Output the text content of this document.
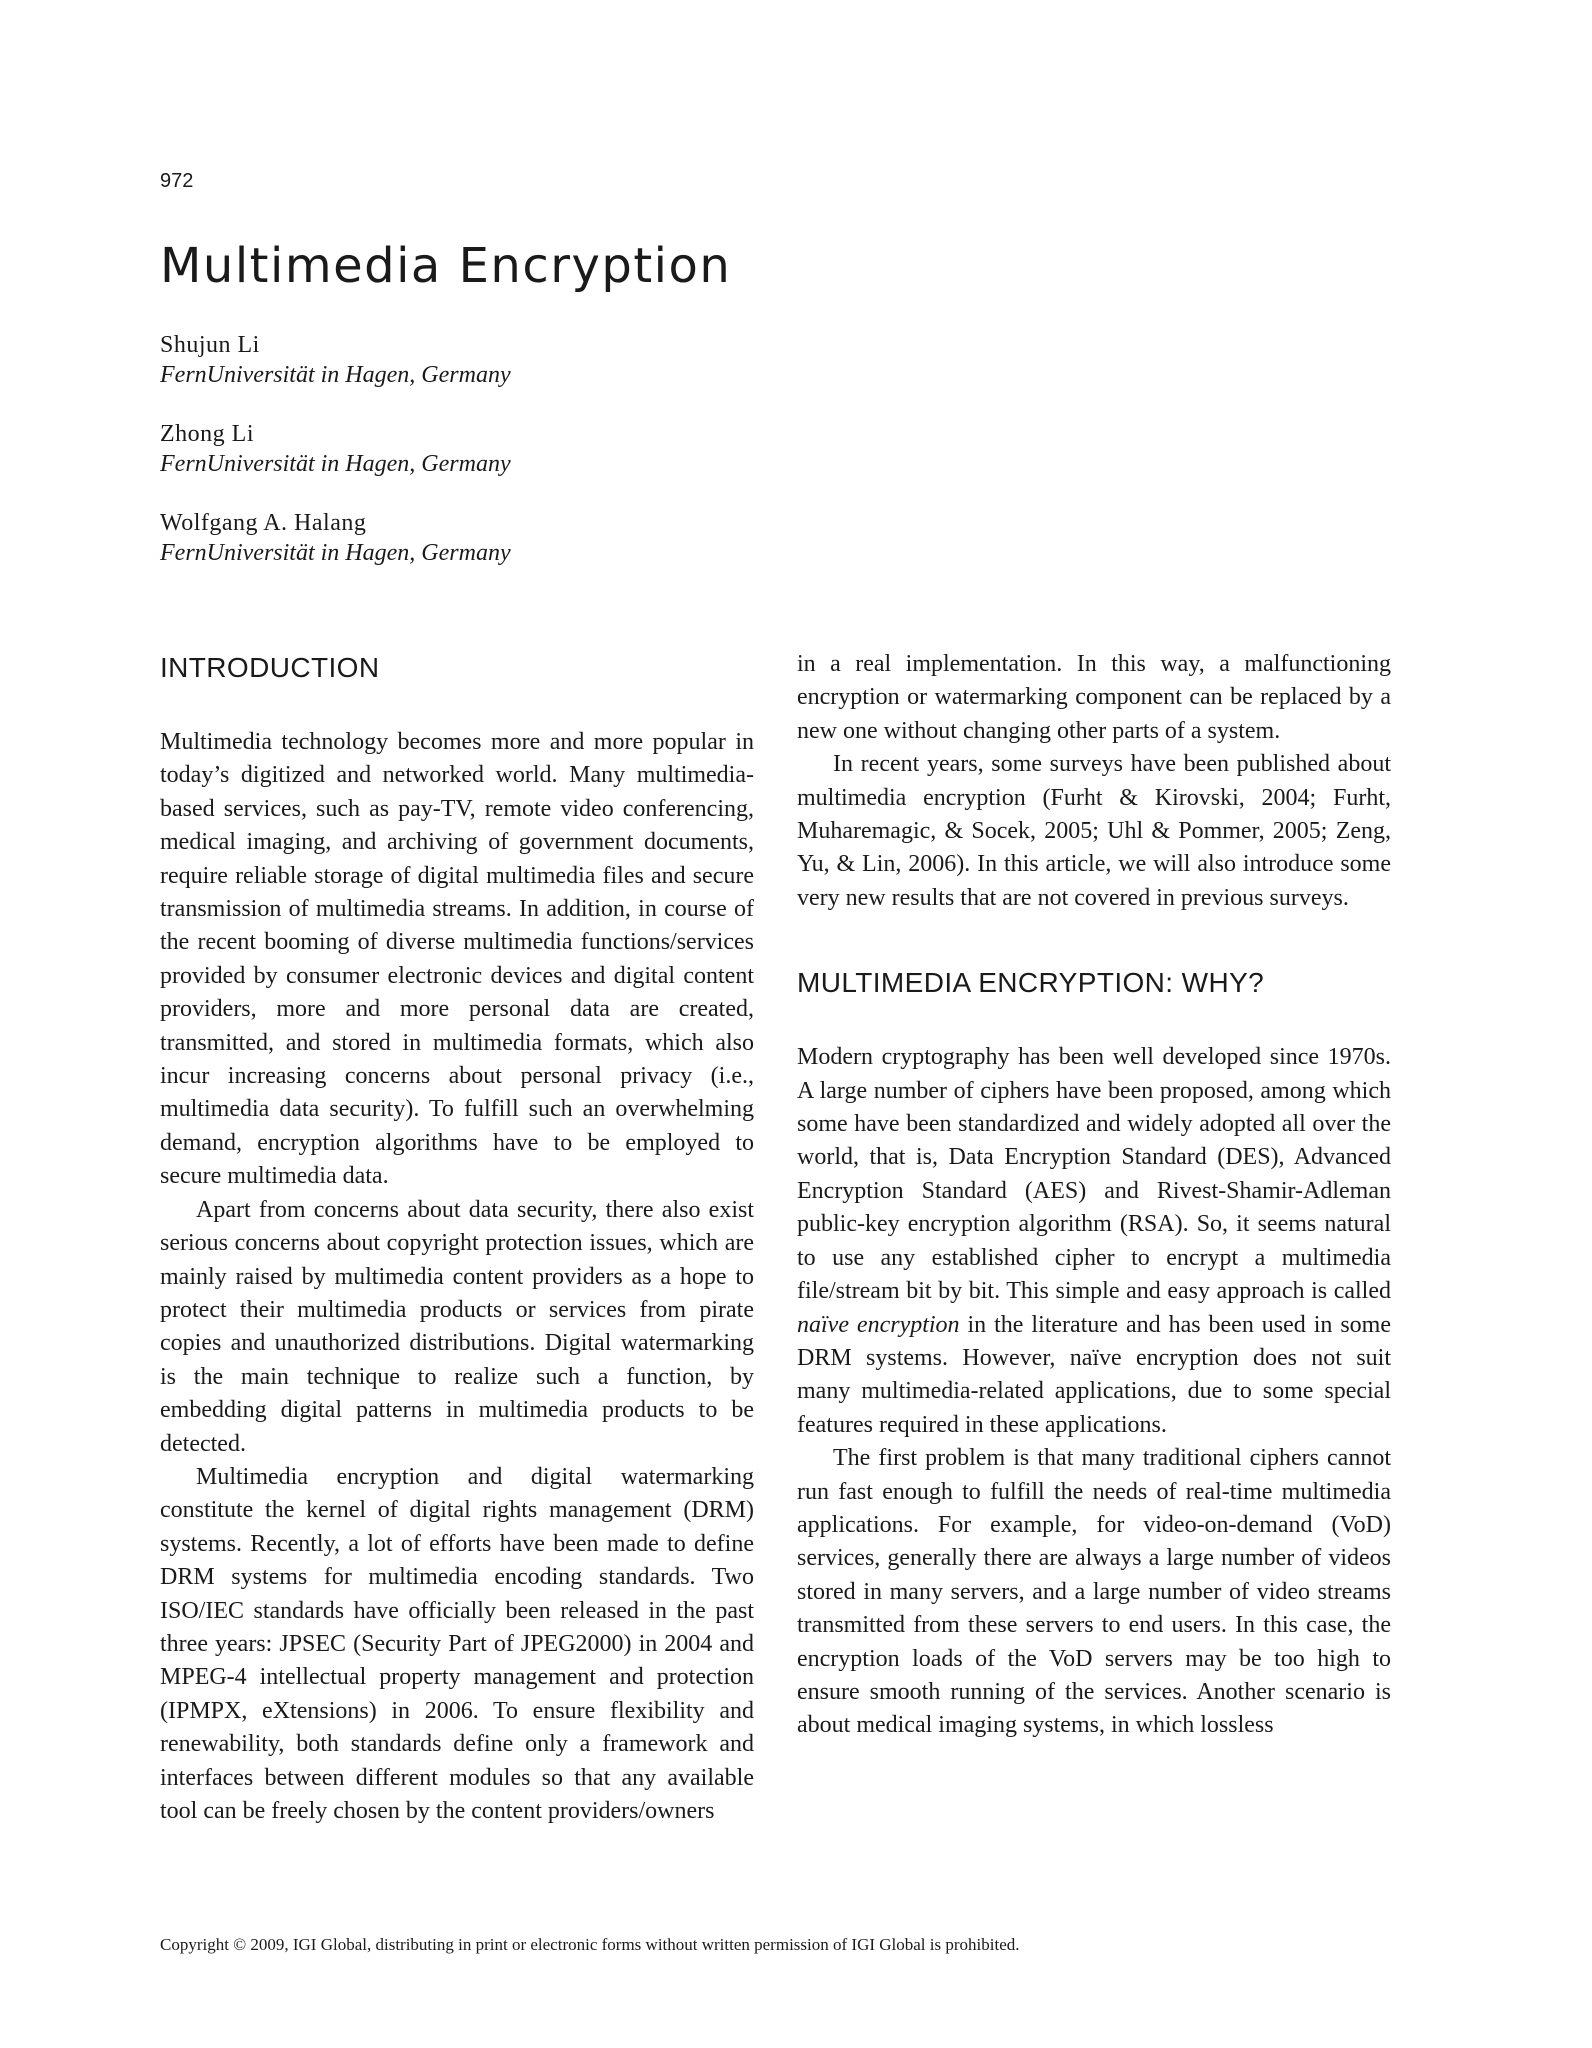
972
Multimedia Encryption
Shujun Li
FernUniversität in Hagen, Germany
Zhong Li
FernUniversität in Hagen, Germany
Wolfgang A. Halang
FernUniversität in Hagen, Germany
INTRODUCTION

Multimedia technology becomes more and more popular in today’s digitized and networked world. Many multimedia-based services, such as pay-TV, remote video conferencing, medical imaging, and archiving of government documents, require reliable storage of digital multimedia files and secure transmission of multimedia streams. In addition, in course of the recent booming of diverse multimedia functions/services provided by consumer electronic devices and digital content providers, more and more personal data are created, transmitted, and stored in multimedia formats, which also incur increasing concerns about personal privacy (i.e., multimedia data security). To fulfill such an overwhelming demand, encryption algorithms have to be employed to secure multimedia data.

Apart from concerns about data security, there also exist serious concerns about copyright protection issues, which are mainly raised by multimedia content providers as a hope to protect their multimedia products or services from pirate copies and unauthorized distributions. Digital watermarking is the main technique to realize such a function, by embedding digital patterns in multimedia products to be detected.

Multimedia encryption and digital watermarking constitute the kernel of digital rights management (DRM) systems. Recently, a lot of efforts have been made to define DRM systems for multimedia encoding standards. Two ISO/IEC standards have officially been released in the past three years: JPSEC (Security Part of JPEG2000) in 2004 and MPEG-4 intellectual property management and protection (IPMPX, eXtensions) in 2006. To ensure flexibility and renewability, both standards define only a framework and interfaces between different modules so that any available tool can be freely chosen by the content providers/owners

in a real implementation. In this way, a malfunctioning encryption or watermarking component can be replaced by a new one without changing other parts of a system.

In recent years, some surveys have been published about multimedia encryption (Furht & Kirovski, 2004; Furht, Muharemagic, & Socek, 2005; Uhl & Pommer, 2005; Zeng, Yu, & Lin, 2006). In this article, we will also introduce some very new results that are not covered in previous surveys.

MULTIMEDIA ENCRYPTION: WHY?

Modern cryptography has been well developed since 1970s. A large number of ciphers have been proposed, among which some have been standardized and widely adopted all over the world, that is, Data Encryption Standard (DES), Advanced Encryption Standard (AES) and Rivest-Shamir-Adleman public-key encryption algorithm (RSA). So, it seems natural to use any established cipher to encrypt a multimedia file/stream bit by bit. This simple and easy approach is called naïve encryption in the literature and has been used in some DRM systems. However, naïve encryption does not suit many multimedia-related applications, due to some special features required in these applications.

The first problem is that many traditional ciphers cannot run fast enough to fulfill the needs of real-time multimedia applications. For example, for video-on-demand (VoD) services, generally there are always a large number of videos stored in many servers, and a large number of video streams transmitted from these servers to end users. In this case, the encryption loads of the VoD servers may be too high to ensure smooth running of the services. Another scenario is about medical imaging systems, in which lossless

Copyright © 2009, IGI Global, distributing in print or electronic forms without written permission of IGI Global is prohibited.
